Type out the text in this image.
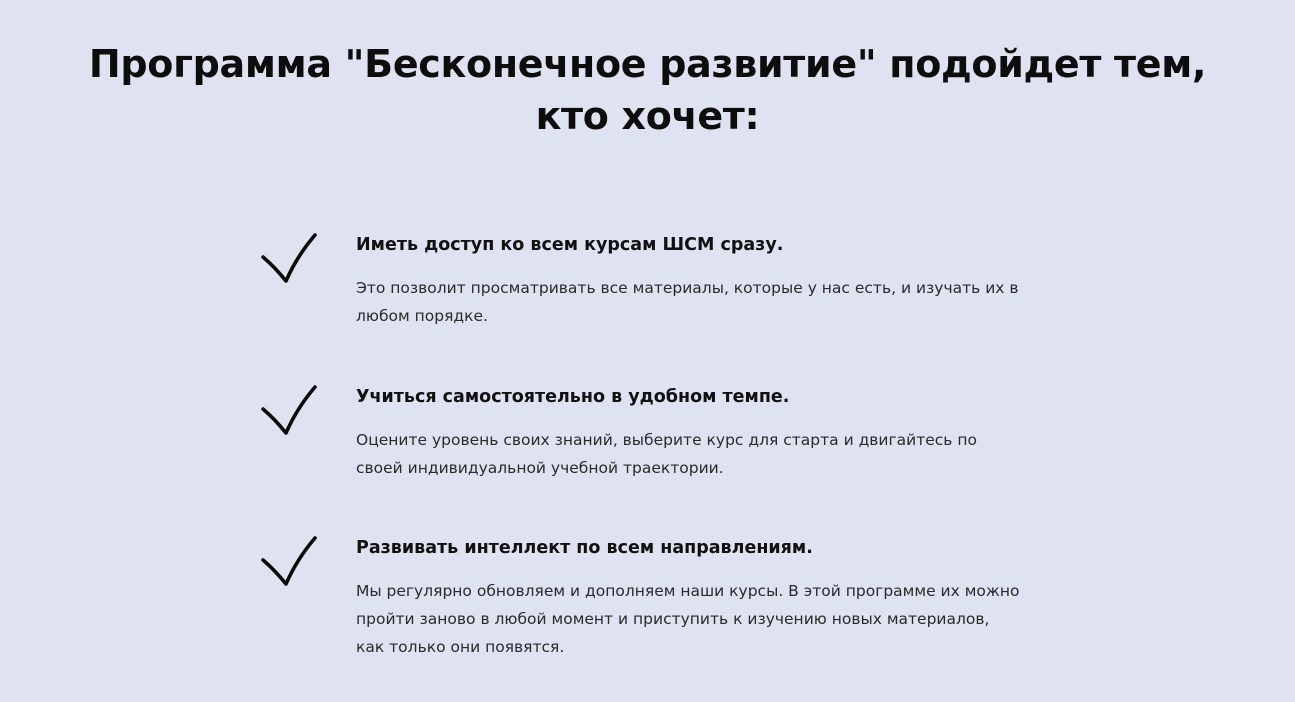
Программа "Бесконечное развитие" подойдет тем,
кто хочет:

Иметь доступ ко всем курсам ШСМ сразу.

Это позволит просматривать все материалы, которые у нас есть, и изучать их в любом порядке.

Учиться самостоятельно в удобном темпе.

Оцените уровень своих знаний, выберите курс для старта и двигайтесь по своей индивидуальной учебной траектории.

Развивать интеллект по всем направлениям.

Мы регулярно обновляем и дополняем наши курсы. В этой программе их можно пройти заново в любой момент и приступить к изучению новых материалов, как только они появятся.
